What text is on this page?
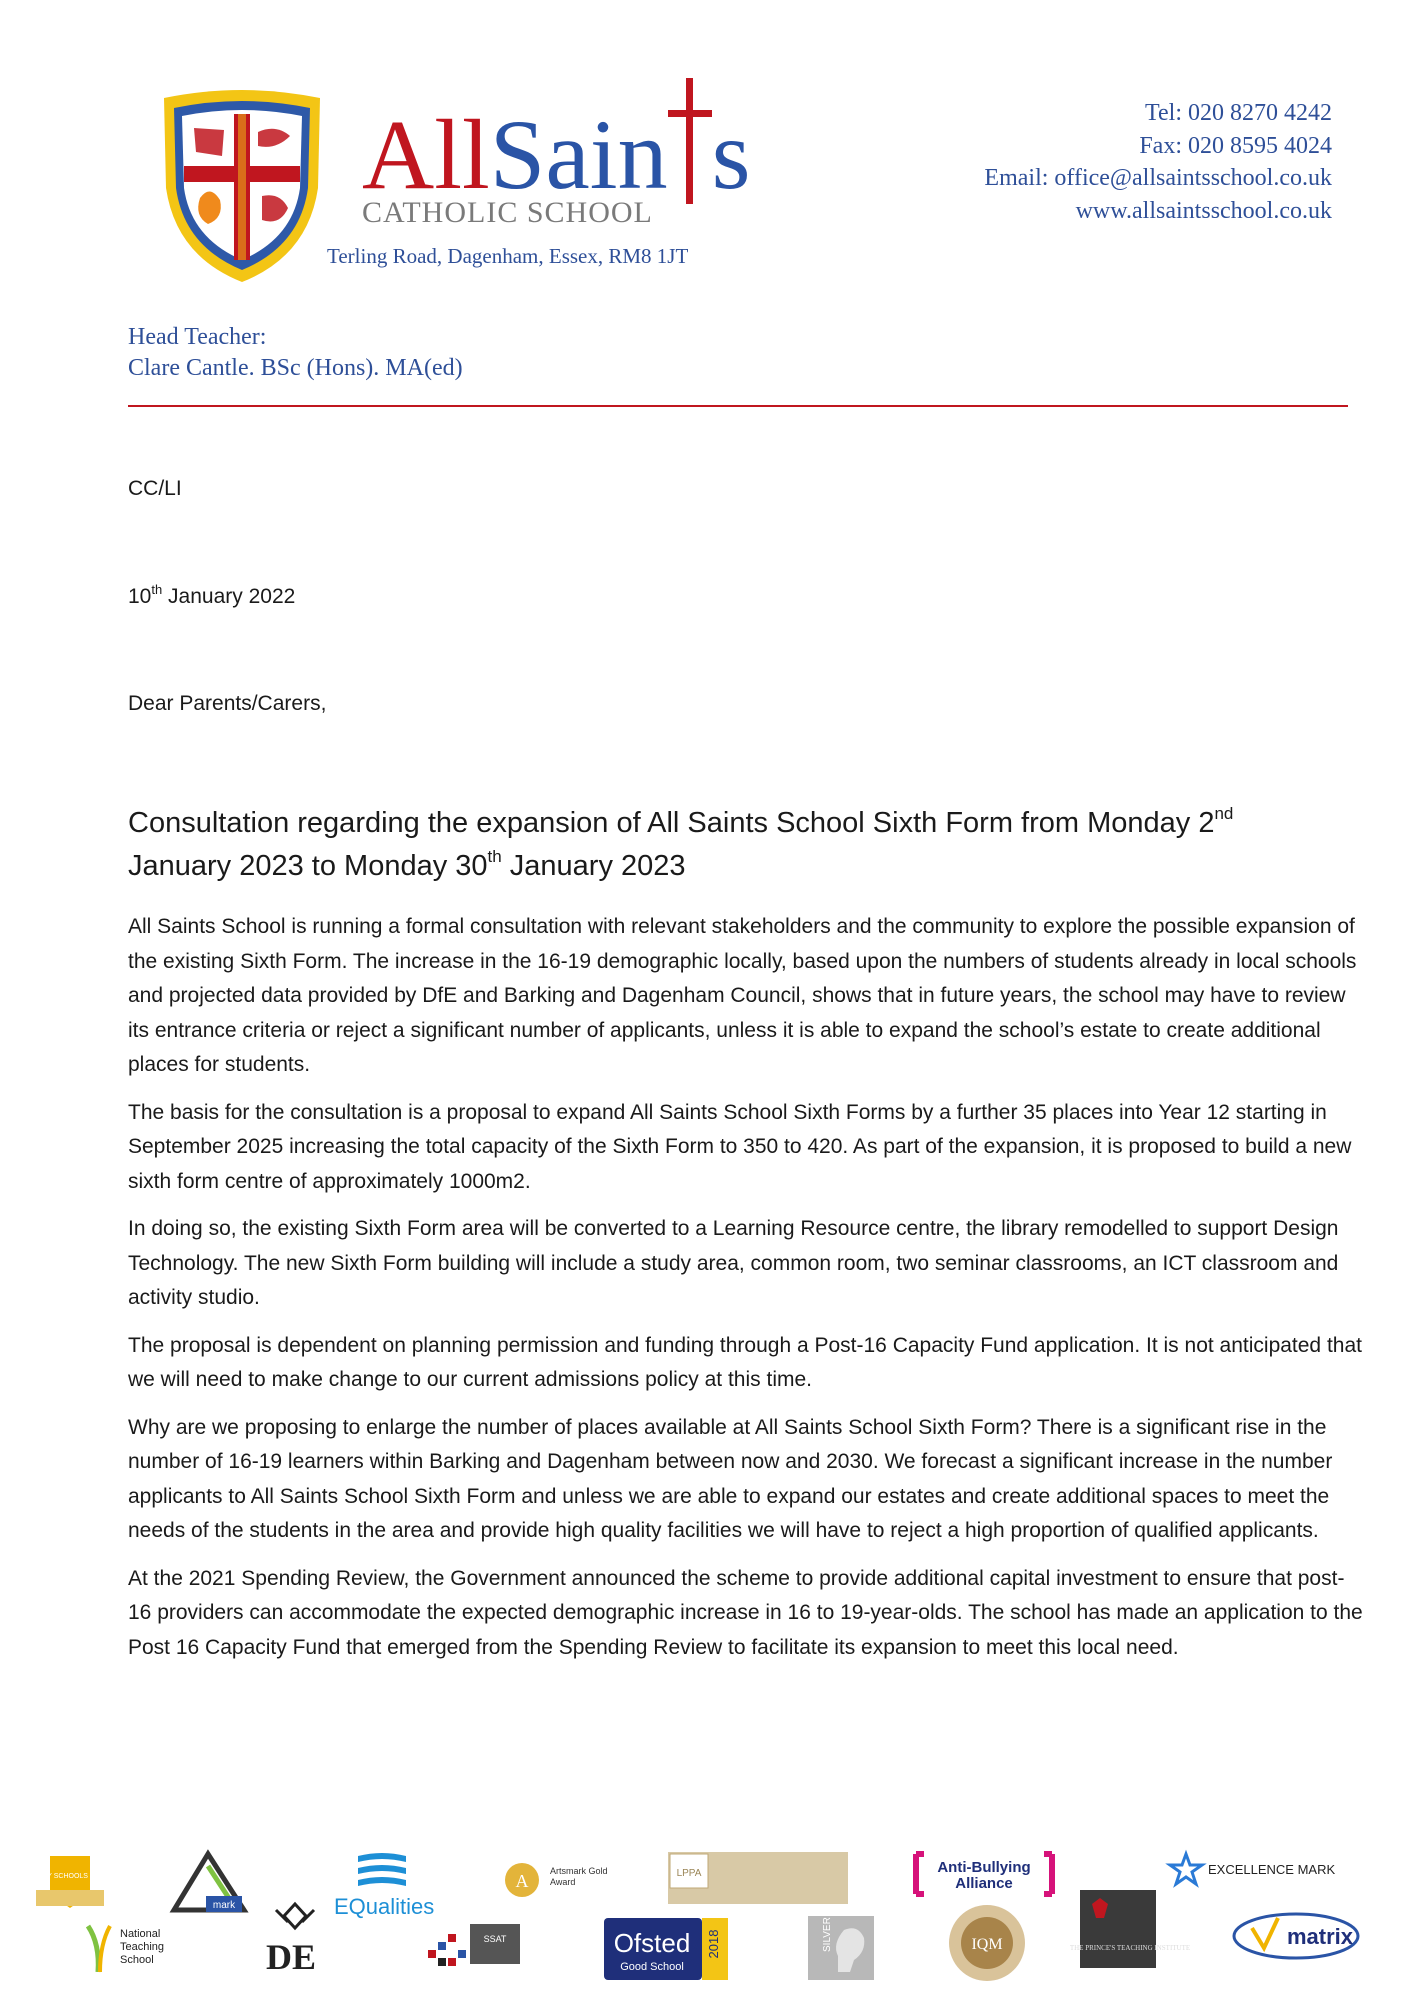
AllSain s
CATHOLIC SCHOOL
Terling Road, Dagenham, Essex, RM8 1JT
Tel: 020 8270 4242
Fax: 020 8595 4024
Email: office@allsaintsschool.co.uk
www.allsaintsschool.co.uk
Head Teacher:
Clare Cantle. BSc (Hons). MA(ed)
CC/LI
10th January 2022
Dear Parents/Carers,
Consultation regarding the expansion of All Saints School Sixth Form from Monday 2nd
January 2023 to Monday 30th January 2023

All Saints School is running a formal consultation with relevant stakeholders and the community to explore the possible expansion of the existing Sixth Form. The increase in the 16-19 demographic locally, based upon the numbers of students already in local schools and projected data provided by DfE and Barking and Dagenham Council, shows that in future years, the school may have to review its entrance criteria or reject a significant number of applicants, unless it is able to expand the school’s estate to create additional places for students.

The basis for the consultation is a proposal to expand All Saints School Sixth Forms by a further 35 places into Year 12 starting in September 2025 increasing the total capacity of the Sixth Form to 350 to 420. As part of the expansion, it is proposed to build a new sixth form centre of approximately 1000m2.

In doing so, the existing Sixth Form area will be converted to a Learning Resource centre, the library remodelled to support Design Technology. The new Sixth Form building will include a study area, common room, two seminar classrooms, an ICT classroom and activity studio.

The proposal is dependent on planning permission and funding through a Post-16 Capacity Fund application. It is not anticipated that we will need to make change to our current admissions policy at this time.

Why are we proposing to enlarge the number of places available at All Saints School Sixth Form? There is a significant rise in the number of 16-19 learners within Barking and Dagenham between now and 2030. We forecast a significant increase in the number applicants to All Saints School Sixth Form and unless we are able to expand our estates and create additional spaces to meet the needs of the students in the area and provide high quality facilities we will have to reject a high proportion of qualified applicants.

At the 2021 Spending Review, the Government announced the scheme to provide additional capital investment to ensure that post-16 providers can accommodate the expected demographic increase in 16 to 19-year-olds. The school has made an application to the Post 16 Capacity Fund that emerged from the Spending Review to facilitate its expansion to meet this local need.

HEALTHY SCHOOLS LONDON
mark
National
Teaching
School	DE
EQualities
A Artsmark Gold Award
SSAT
LPPA
Ofsted
Good School
2018	SILVER
Anti-Bullying
Alliance
IQM	THE PRINCE'S TEACHING INSTITUTE
EXCELLENCE MARK
matrix
